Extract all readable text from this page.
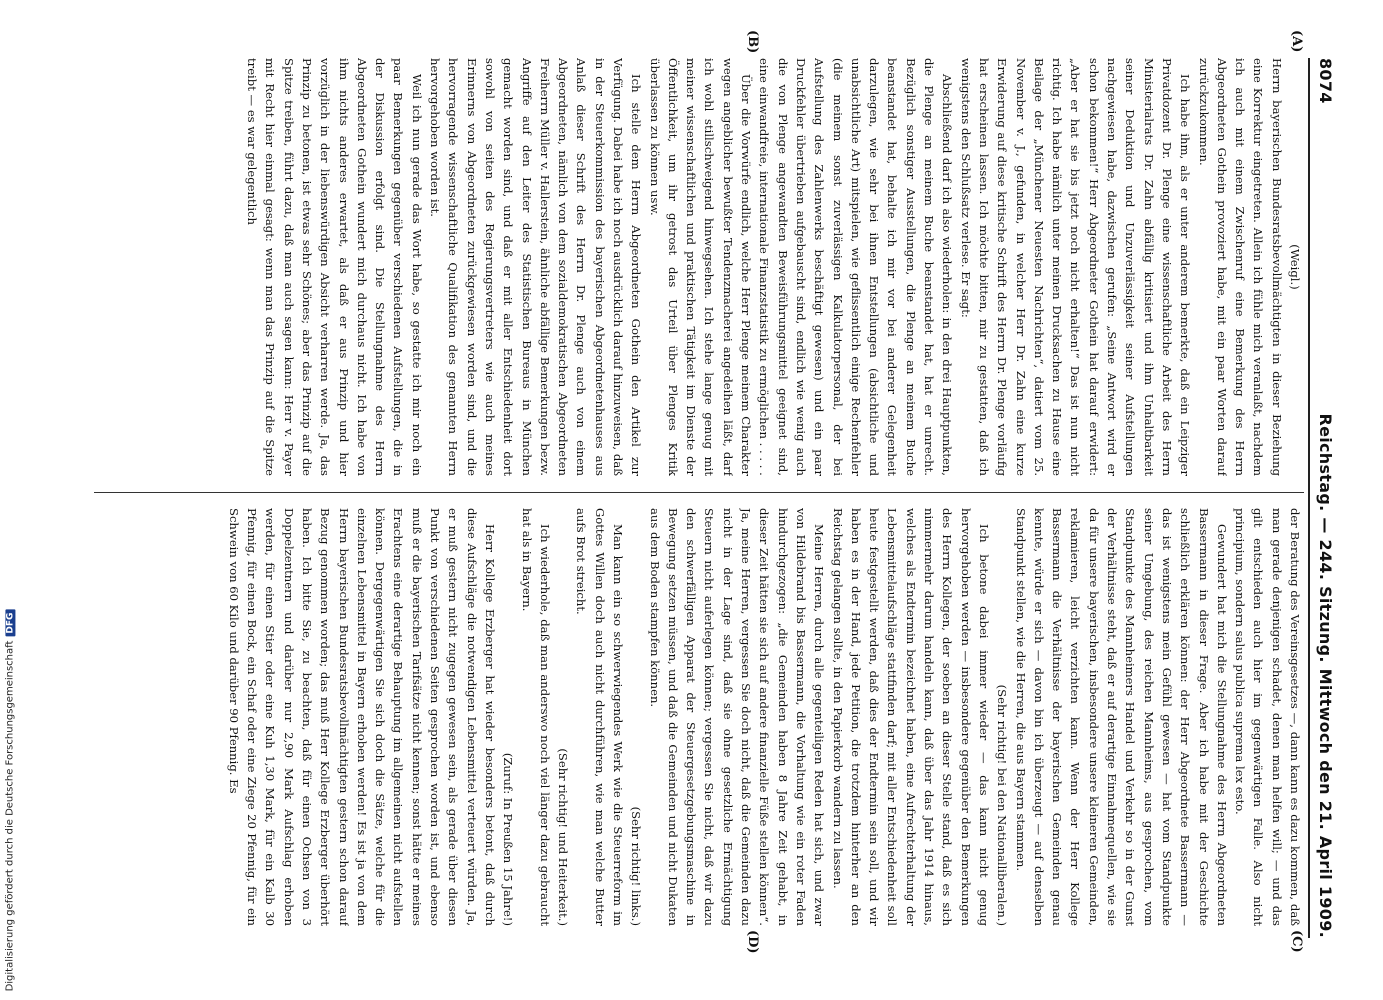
8074
Reichstag. — 244. Sitzung. Mittwoch den 21. April 1909.
(A)
(B)
(C)
(D)

(Weigl.)

Herrn bayerischen Bundesratsbevollmächtigten in dieser Beziehung eine Korrektur eingetreten. Allein ich fühle mich veranlaßt, nachdem ich auch mit einem Zwischenruf eine Bemerkung des Herrn Abgeordneten Gothein provoziert habe, mit ein paar Worten darauf zurückzukommen.

Ich habe ihm, als er unter anderem bemerkte, daß ein Leipziger Privatdozent Dr. Plenge eine wissenschaftliche Arbeit des Herrn Ministerialrats Dr. Zahn abfällig kritisiert und ihm Unhaltbarkeit seiner Deduktion und Unzuverlässigkeit seiner Aufstellungen nachgewiesen habe, dazwischen gerufen: „Seine Antwort wird er schon bekommen!“ Herr Abgeordneter Gothein hat darauf erwidert: „Aber er hat sie bis jetzt noch nicht erhalten!“ Das ist nun nicht richtig. Ich habe nämlich unter meinen Drucksachen zu Hause eine Beilage der „Münchener Neuesten Nachrichten“, datiert vom 25. November v. J., gefunden, in welcher Herr Dr. Zahn eine kurze Erwiderung auf diese kritische Schrift des Herrn Dr. Plenge vorläufig hat erscheinen lassen. Ich möchte bitten, mir zu gestatten, daß ich wenigstens den Schlußsatz verlese. Er sagt:

Abschließend darf ich also wiederholen: in den drei Hauptpunkten, die Plenge an meinem Buche beanstandet hat, hat er unrecht. Bezüglich sonstiger Ausstellungen, die Plenge an meinem Buche beanstandet hat, behalte ich mir vor bei anderer Gelegenheit darzulegen, wie sehr bei ihnen Entstellungen (absichtliche und unabsichtliche Art) mitspielen, wie geflissentlich einige Rechenfehler (die meinem sonst zuverlässigen Kalkulatorpersonal, der bei Aufstellung des Zahlenwerks beschäftigt gewesen) und ein paar Druckfehler übertrieben aufgebauscht sind, endlich wie wenig auch die von Plenge angewandten Beweisführungsmittel geeignet sind, eine einwandfreie, internationale Finanzstatistik zu ermöglichen . . . . .

Über die Vorwürfe endlich, welche Herr Plenge meinem Charakter wegen angeblicher bewußter Tendenzmacherei angedeihen läßt, darf ich wohl stillschweigend hinwegsehen. Ich stehe lange genug mit meiner wissenschaftlichen und praktischen Tätigkeit im Dienste der Öffentlichkeit, um ihr getrost das Urteil über Plenges Kritik überlassen zu können usw.

Ich stelle dem Herrn Abgeordneten Gothein den Artikel zur Verfügung. Dabei habe ich noch ausdrücklich darauf hinzuweisen, daß in der Steuerkommission des bayerischen Abgeordnetenhauses aus Anlaß dieser Schrift des Herrn Dr. Plenge auch von einem Abgeordneten, nämlich von dem sozialdemokratischen Abgeordneten Freiherrn Müller v. Hallerstein, ähnliche abfällige Bemerkungen bezw. Angriffe auf den Leiter des Statistischen Bureaus in München gemacht worden sind, und daß er mit aller Entschiedenheit dort sowohl von seiten des Regierungsvertreters wie auch meines Erinnerns von Abgeordneten zurückgewiesen worden sind, und die hervorragende wissenschaftliche Qualifikation des genannten Herrn hervorgehoben worden ist.

Weil ich nun gerade das Wort habe, so gestatte ich mir noch ein paar Bemerkungen gegenüber verschiedenen Aufstellungen, die in der Diskussion erfolgt sind. Die Stellungnahme des Herrn Abgeordneten Gothein wundert mich durchaus nicht. Ich habe von ihm nichts anderes erwartet, als daß er aus Prinzip und hier vorzüglich in der liebenswürdigen Absicht verharren werde. Ja, das Prinzip zu betonen, ist etwas sehr Schönes; aber das Prinzip auf die Spitze treiben, führt dazu, daß man auch sagen kann: Herr v. Payer mit Recht hier einmal gesagt: wenn man das Prinzip auf die Spitze treibt — es war gelegentlich

der Beratung des Vereinsgesetzes —, dann kann es dazu kommen, daß man gerade denjenigen schadet, denen man helfen will; — und das gilt entschieden auch hier im gegenwärtigen Falle. Also nicht principium, sondern salus publica suprema lex esto.

Gewundert hat mich die Stellungnahme des Herrn Abgeordneten Bassermann in dieser Frage. Aber ich habe mit der Geschichte schließlich erklären können: der Herr Abgeordnete Bassermann — das ist wenigstens mein Gefühl gewesen — hat vom Standpunkte seiner Umgebung, des reichen Mannheims, aus gesprochen, vom Standpunkte des Mannheimers Handel und Verkehr so in der Gunst der Verhältnisse steht, daß er auf derartige Einnahmequellen, wie sie da für unsere bayerischen, insbesondere unsere kleineren Gemeinden, reklamieren, leicht verzichten kann. Wenn der Herr Kollege Bassermann die Verhältnisse der bayerischen Gemeinden genau kennte, würde er sich — davon bin ich überzeugt — auf denselben Standpunkt stellen, wie die Herren, die aus Bayern stammen.

(Sehr richtig! bei den Nationalliberalen.)

Ich betone dabei immer wieder — das kann nicht genug hervorgehoben werden — insbesondere gegenüber den Bemerkungen des Herrn Kollegen, der soeben an dieser Stelle stand, daß es sich nimmermehr darum handeln kann, daß über das Jahr 1914 hinaus, welches als Endtermin bezeichnet haben, eine Aufrechterhaltung der Lebensmittelaufschläge stattfinden darf; mit aller Entschiedenheit soll heute festgestellt werden, daß dies der Endtermin sein soll, und wir haben es in der Hand, jede Petition, die trotzdem hinterher an den Reichstag gelangen sollte, in den Papierkorb wandern zu lassen.

Meine Herren, durch alle gegenteiligen Reden hat sich, und zwar von Hildebrand bis Bassermann, die Vorhaltung wie ein roter Faden hindurchgezogen: „die Gemeinden haben 8 Jahre Zeit gehabt, in dieser Zeit hätten sie sich auf andere finanzielle Füße stellen können“. Ja, meine Herren, vergessen Sie doch nicht, daß die Gemeinden dazu nicht in der Lage sind, daß sie ohne gesetzliche Ermächtigung Steuern nicht auferlegen können; vergessen Sie nicht, daß wir dazu den schwerfälligen Apparat der Steuergesetzgebungsmaschine in Bewegung setzen müssen, und daß die Gemeinden und nicht Dukaten aus dem Boden stampfen können.

(Sehr richtig! links.)

Man kann ein so schwerwiegendes Werk wie die Steuerreform im Gottes Willen doch auch nicht durchführen, wie man welche Butter aufs Brot streicht.

(Sehr richtig! und Heiterkeit.)

Ich wiederhole, daß man anderswo noch viel länger dazu gebraucht hat als in Bayern.

(Zuruf: In Preußen 15 Jahre!)

Herr Kollege Erzberger hat wieder besonders betont, daß durch diese Aufschläge die notwendigen Lebensmittel verteuert würden. Ja, er muß gestern nicht zugegen gewesen sein, als gerade über diesen Punkt von verschiedenen Seiten gesprochen worden ist, und ebenso muß er die bayerischen Tarifsätze nicht kennen; sonst hätte er meines Erachtens eine derartige Behauptung im allgemeinen nicht aufstellen können. Dergegenwärtigen Sie sich doch die Sätze, welche für die einzelnen Lebensmittel in Bayern erhoben werden! Es ist ja von dem Herrn bayerischen Bundesratsbevollmächtigten gestern schon darauf Bezug genommen worden; das muß Herr Kollege Erzberger überhört haben. Ich bitte Sie, zu beachten, daß für einen Ochsen von 3 Doppelzentnern und darüber nur 2,90 Mark Aufschlag erhoben werden, für einen Stier oder eine Kuh 1,30 Mark, für ein Kalb 30 Pfennig, für einen Bock, ein Schaf oder eine Ziege 20 Pfennig, für ein Schwein von 60 Kilo und darüber 90 Pfennig. Es

Digitalisierung gefördert durch die Deutsche Forschungsgemeinschaft
DFG
